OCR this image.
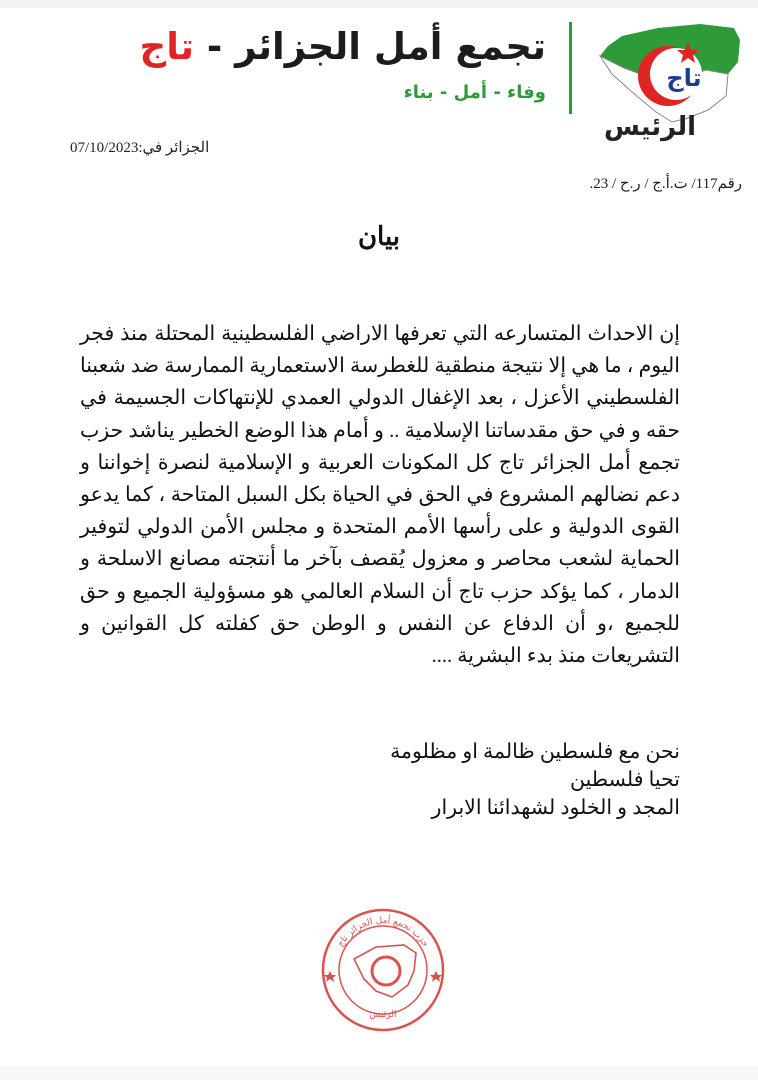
تجمع أمل الجزائر - تاج
وفاء - أمل - بناء
تاج
الرئيس
الجزائر في:07/10/2023
رقم117/ ت.أ.ج / ر.ح / 23.
بيان
إن الاحداث المتسارعه التي تعرفها الاراضي الفلسطينية المحتلة منذ فجر اليوم ، ما هي إلا نتيجة منطقية للغطرسة الاستعمارية الممارسة ضد شعبنا الفلسطيني الأعزل ، بعد الإغفال الدولي العمدي للإنتهاكات الجسيمة في حقه و في حق مقدساتنا الإسلامية .. و أمام هذا الوضع الخطير يناشد حزب تجمع أمل الجزائر تاج كل المكونات العربية و الإسلامية لنصرة إخواننا و دعم نضالهم المشروع في الحق في الحياة بكل السبل المتاحة ، كما يدعو القوى الدولية و على رأسها الأمم المتحدة و مجلس الأمن الدولي لتوفير الحماية لشعب محاصر و معزول يُقصف بآخر ما أنتجته مصانع الاسلحة و الدمار ، كما يؤكد حزب تاج أن السلام العالمي هو مسؤولية الجميع و حق للجميع ،و أن الدفاع عن النفس و الوطن حق كفلته كل القوانين و التشريعات منذ بدء البشرية ....
نحن مع فلسطين ظالمة او مظلومة
تحيا فلسطين
المجد و الخلود لشهدائنا الابرار
حزب تجمع أمل الجزائر تاج
الرئيس
